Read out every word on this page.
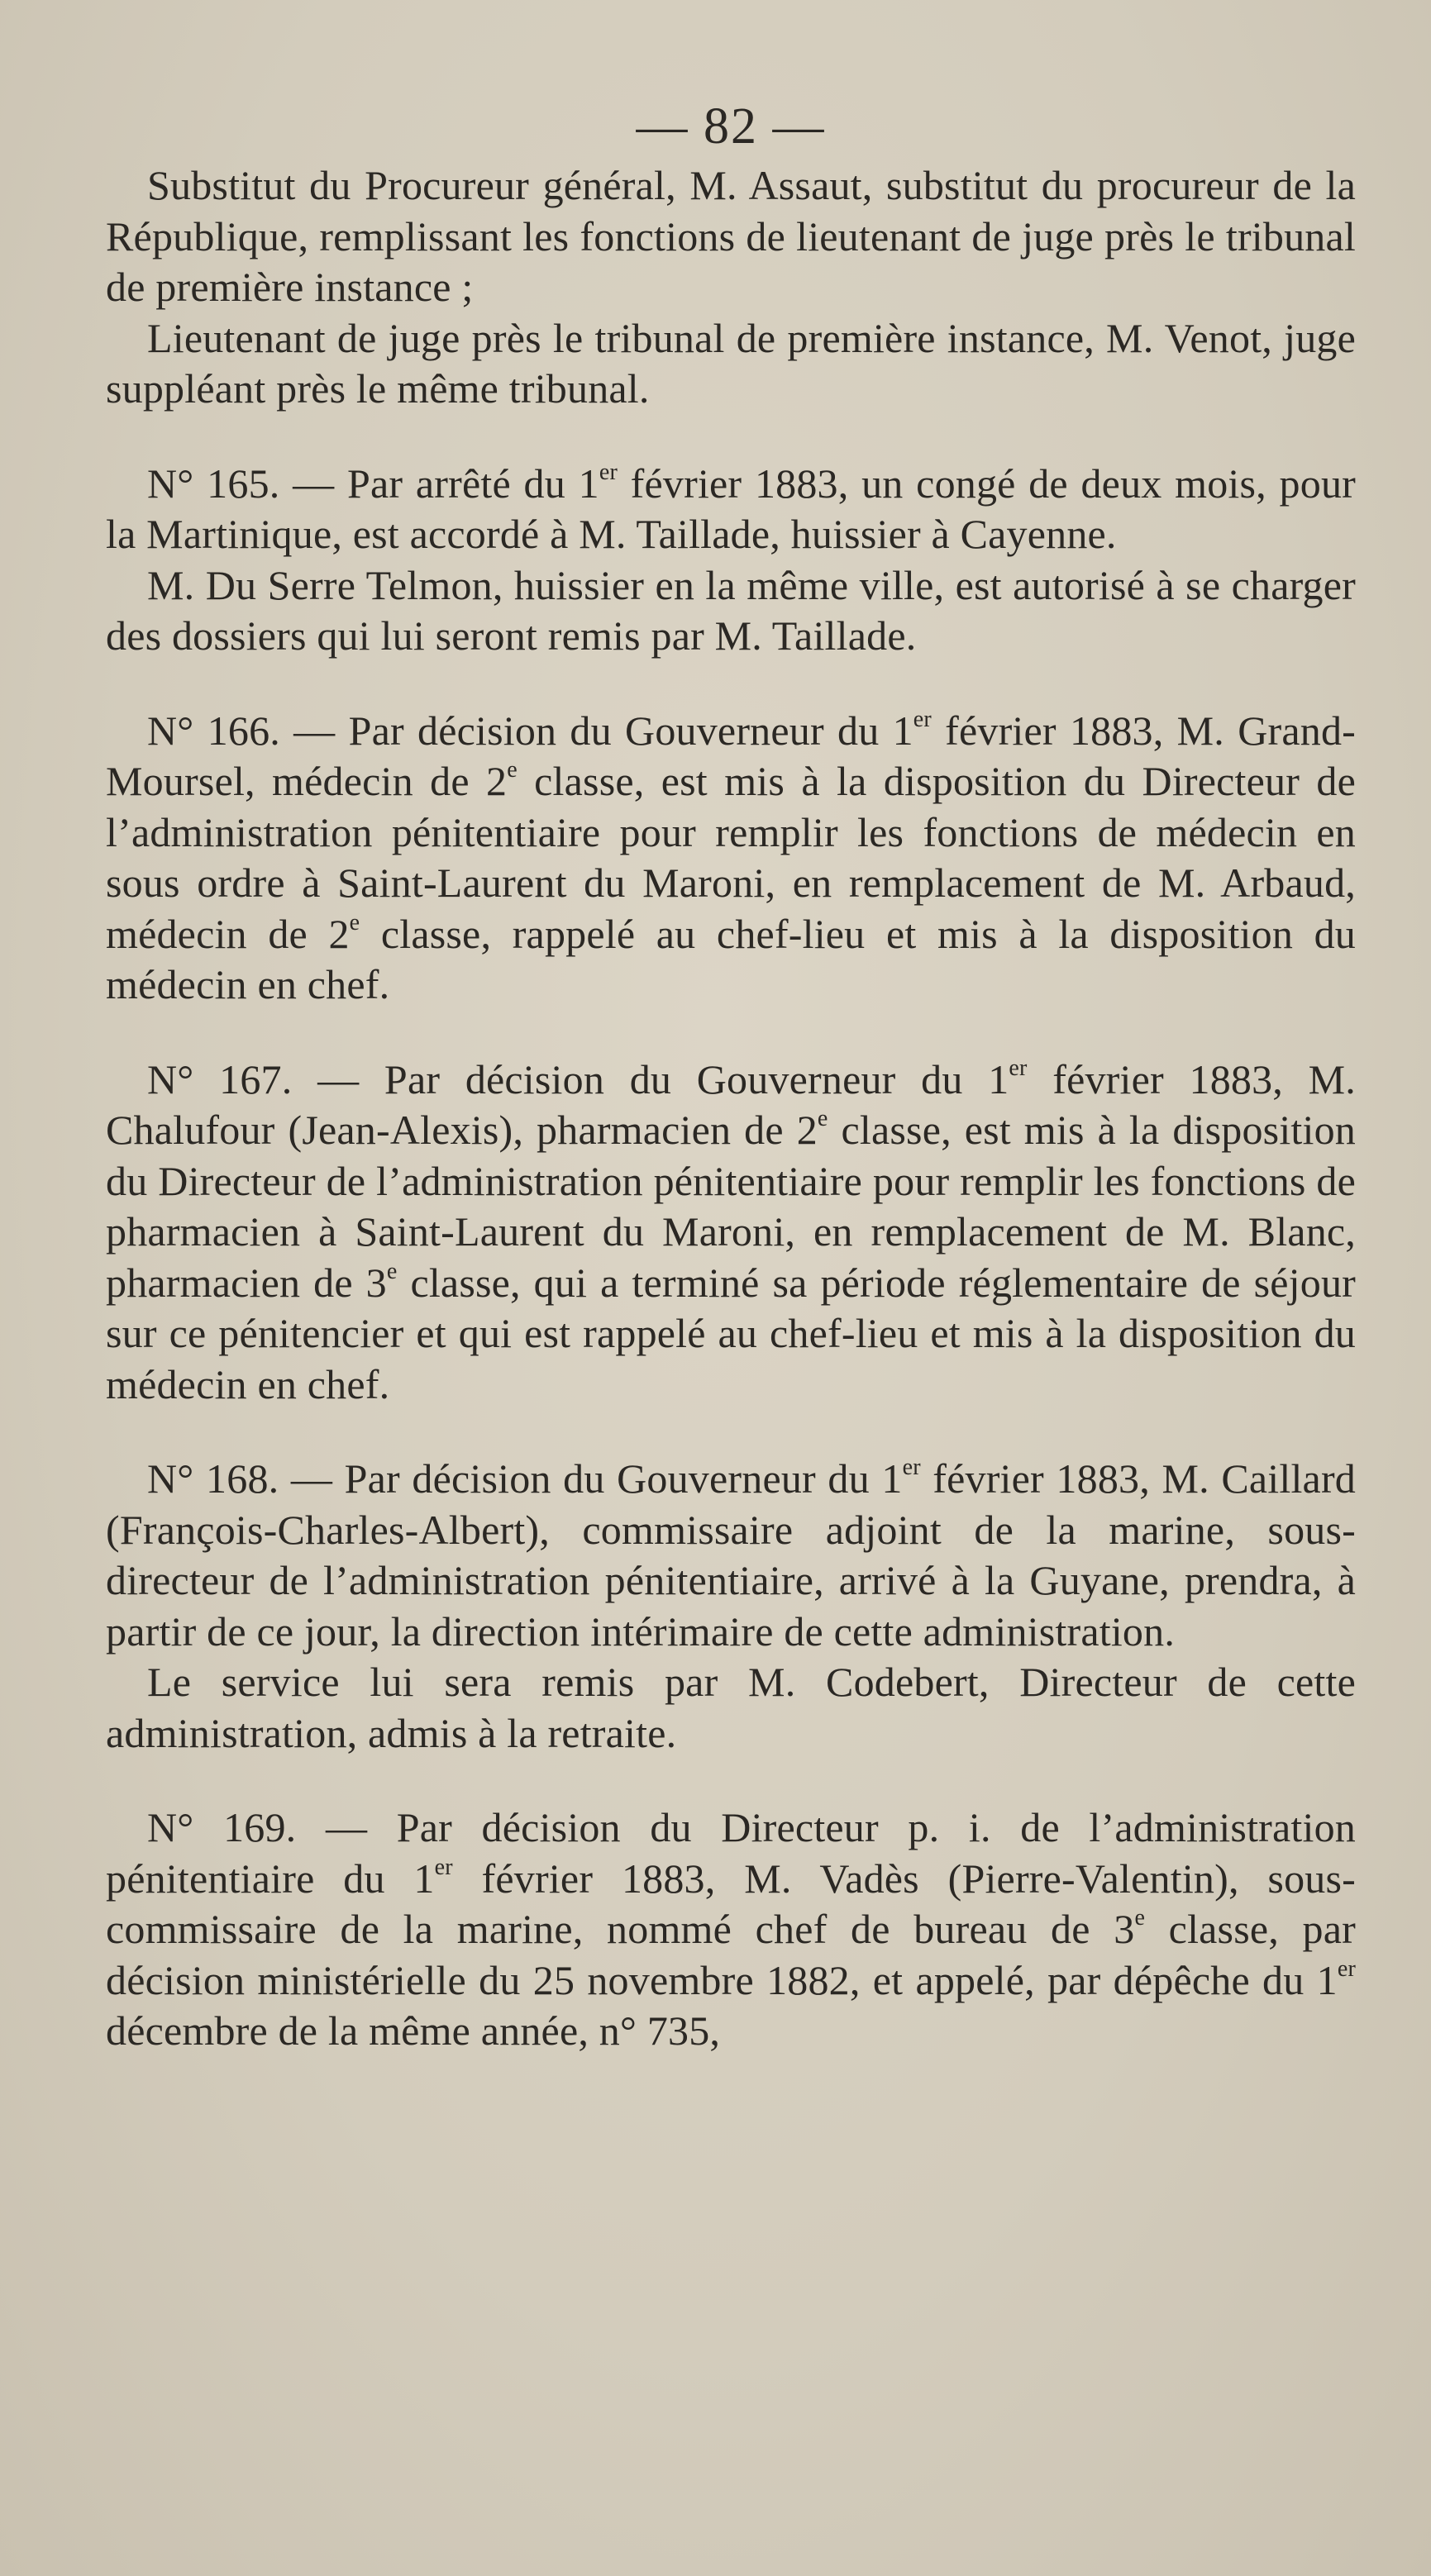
— 82 —

Substitut du Procureur général, M. Assaut, substitut du procureur de la République, remplissant les fonctions de lieutenant de juge près le tribunal de première instance ;

Lieutenant de juge près le tribunal de première instance, M. Venot, juge suppléant près le même tribunal.

N° 165. — Par arrêté du 1er février 1883, un congé de deux mois, pour la Martinique, est accordé à M. Taillade, huissier à Cayenne.

M. Du Serre Telmon, huissier en la même ville, est autorisé à se charger des dossiers qui lui seront remis par M. Taillade.

N° 166. — Par décision du Gouverneur du 1er février 1883, M. Grand-Moursel, médecin de 2e classe, est mis à la disposition du Directeur de l’administration pénitentiaire pour remplir les fonctions de médecin en sous ordre à Saint-Laurent du Maroni, en remplacement de M. Arbaud, médecin de 2e classe, rappelé au chef-lieu et mis à la disposition du médecin en chef.

N° 167. — Par décision du Gouverneur du 1er février 1883, M. Chalufour (Jean-Alexis), pharmacien de 2e classe, est mis à la disposition du Directeur de l’administration pénitentiaire pour remplir les fonctions de pharmacien à Saint-Laurent du Maroni, en remplacement de M. Blanc, pharmacien de 3e classe, qui a terminé sa période réglementaire de séjour sur ce pénitencier et qui est rappelé au chef-lieu et mis à la disposition du médecin en chef.

N° 168. — Par décision du Gouverneur du 1er février 1883, M. Caillard (François-Charles-Albert), commissaire adjoint de la marine, sous-directeur de l’administration pénitentiaire, arrivé à la Guyane, prendra, à partir de ce jour, la direction intérimaire de cette administration.

Le service lui sera remis par M. Codebert, Directeur de cette administration, admis à la retraite.

N° 169. — Par décision du Directeur p. i. de l’administration pénitentiaire du 1er février 1883, M. Vadès (Pierre-Valentin), sous-commissaire de la marine, nommé chef de bureau de 3e classe, par décision ministérielle du 25 novembre 1882, et appelé, par dépêche du 1er décembre de la même année, n° 735,
